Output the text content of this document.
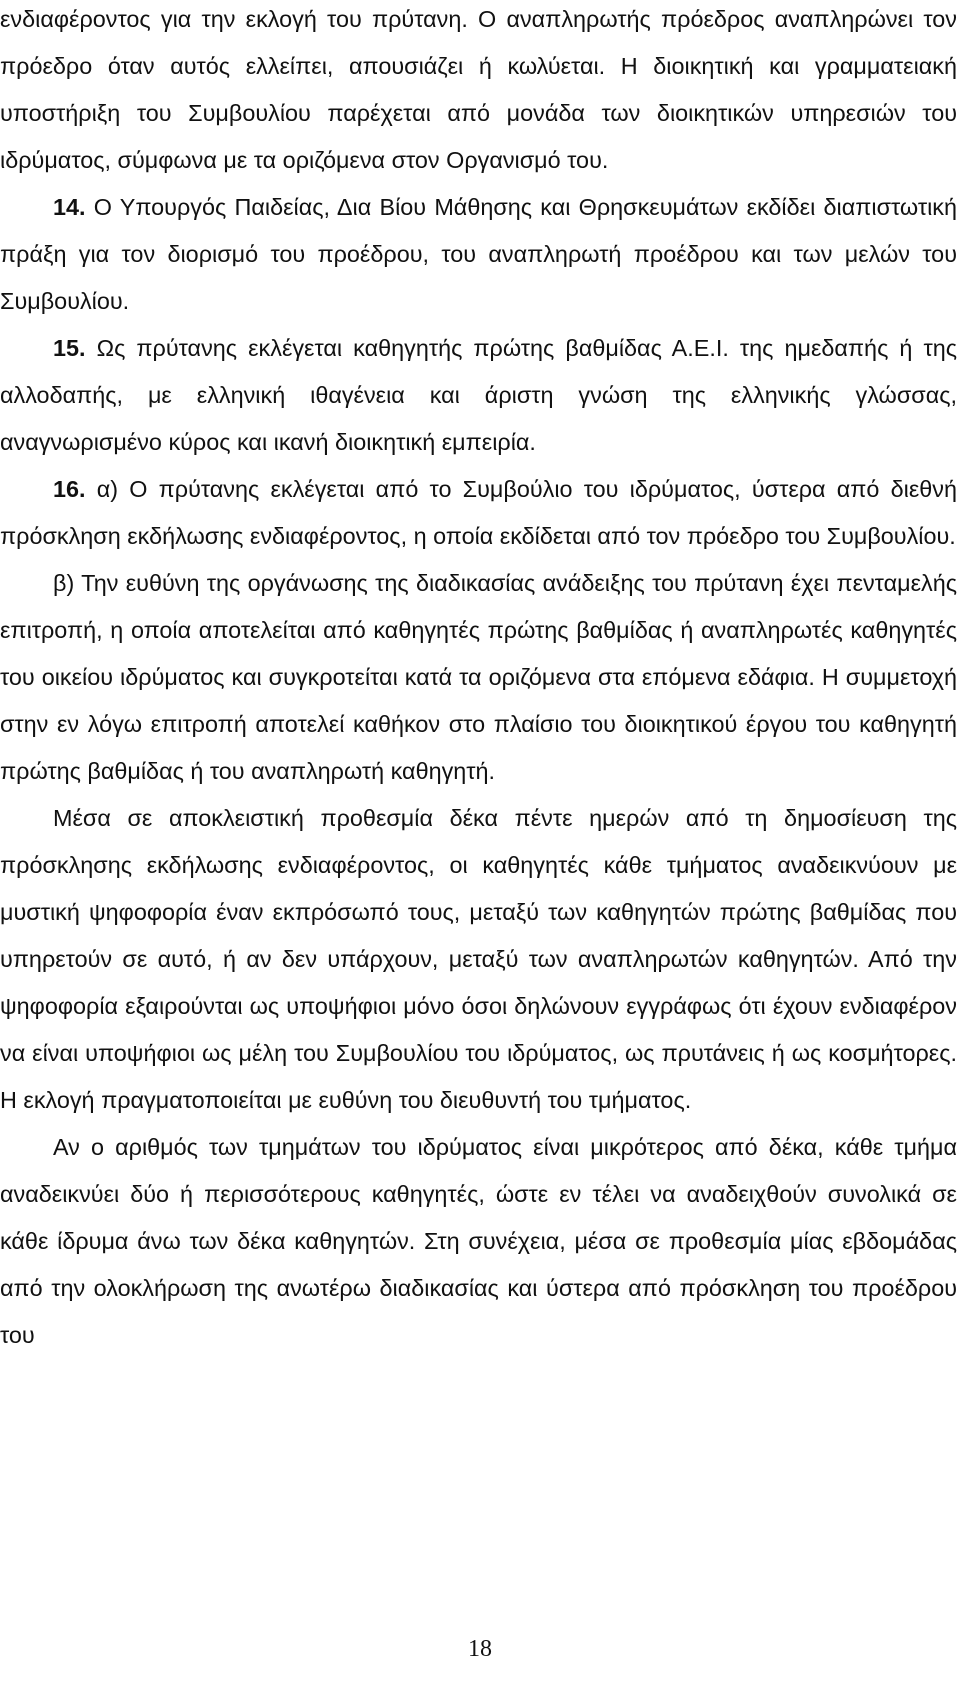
ενδιαφέροντος για την εκλογή του πρύτανη. Ο αναπληρωτής πρόεδρος αναπληρώνει τον πρόεδρο όταν αυτός ελλείπει, απουσιάζει ή κωλύεται. Η διοικητική και γραμματειακή υποστήριξη του Συμβουλίου παρέχεται από μονάδα των διοικητικών υπηρεσιών του ιδρύματος, σύμφωνα με τα οριζόμενα στον Οργανισμό του.

14. Ο Υπουργός Παιδείας, Δια Βίου Μάθησης και Θρησκευμάτων εκδίδει διαπιστωτική πράξη για τον διορισμό του προέδρου, του αναπληρωτή προέδρου και των μελών του Συμβουλίου.

15. Ως πρύτανης εκλέγεται καθηγητής πρώτης βαθμίδας Α.Ε.Ι. της ημεδαπής ή της αλλοδαπής, με ελληνική ιθαγένεια και άριστη γνώση της ελληνικής γλώσσας, αναγνωρισμένο κύρος και ικανή διοικητική εμπειρία.

16. α) Ο πρύτανης εκλέγεται από το Συμβούλιο του ιδρύματος, ύστερα από διεθνή πρόσκληση εκδήλωσης ενδιαφέροντος, η οποία εκδίδεται από τον πρόεδρο του Συμβουλίου.

β) Την ευθύνη της οργάνωσης της διαδικασίας ανάδειξης του πρύτανη έχει πενταμελής επιτροπή, η οποία αποτελείται από καθηγητές πρώτης βαθμίδας ή αναπληρωτές καθηγητές του οικείου ιδρύματος και συγκροτείται κατά τα οριζόμενα στα επόμενα εδάφια. Η συμμετοχή στην εν λόγω επιτροπή αποτελεί καθήκον στο πλαίσιο του διοικητικού έργου του καθηγητή πρώτης βαθμίδας ή του αναπληρωτή καθηγητή.

Μέσα σε αποκλειστική προθεσμία δέκα πέντε ημερών από τη δημοσίευση της πρόσκλησης εκδήλωσης ενδιαφέροντος, οι καθηγητές κάθε τμήματος αναδεικνύουν με μυστική ψηφοφορία έναν εκπρόσωπό τους, μεταξύ των καθηγητών πρώτης βαθμίδας που υπηρετούν σε αυτό, ή αν δεν υπάρχουν, μεταξύ των αναπληρωτών καθηγητών. Από την ψηφοφορία εξαιρούνται ως υποψήφιοι μόνο όσοι δηλώνουν εγγράφως ότι έχουν ενδιαφέρον να είναι υποψήφιοι ως μέλη του Συμβουλίου του ιδρύματος, ως πρυτάνεις ή ως κοσμήτορες. Η εκλογή πραγματοποιείται με ευθύνη του διευθυντή του τμήματος.

Αν ο αριθμός των τμημάτων του ιδρύματος είναι μικρότερος από δέκα, κάθε τμήμα αναδεικνύει δύο ή περισσότερους καθηγητές, ώστε εν τέλει να αναδειχθούν συνολικά σε κάθε ίδρυμα άνω των δέκα καθηγητών. Στη συνέχεια, μέσα σε προθεσμία μίας εβδομάδας από την ολοκλήρωση της ανωτέρω διαδικασίας και ύστερα από πρόσκληση του προέδρου του

18
